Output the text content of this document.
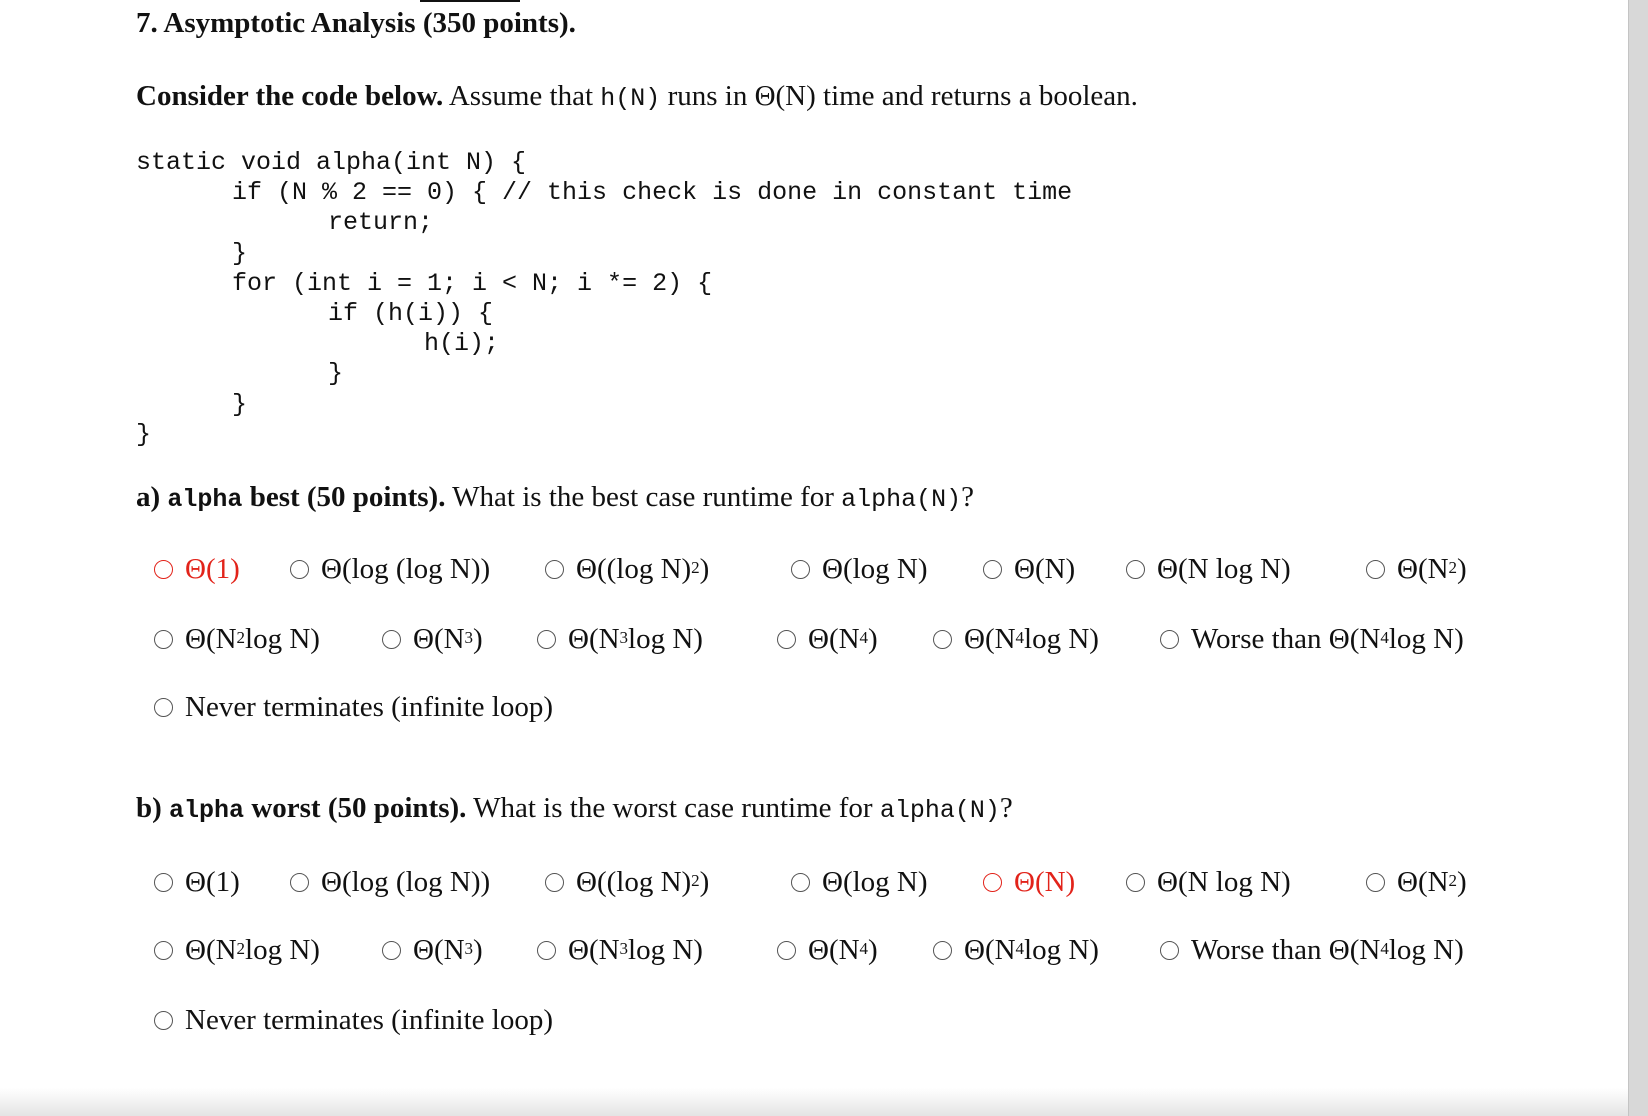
7. Asymptotic Analysis (350 points).
Consider the code below. Assume that h(N) runs in Θ(N) time and returns a boolean.
static void alpha(int N) {
if (N % 2 == 0) { // this check is done in constant time
return;
}
for (int i = 1; i < N; i *= 2) {
if (h(i)) {
h(i);
}
}
}
a) alpha best (50 points). What is the best case runtime for alpha(N)?
Θ(1)	Θ(log (log N))	Θ((log N)$^2$ )	Θ(log N)	Θ(N)	Θ(N log N)	$\Theta(N^2$ )
$\Theta(N^2$ log N)	$\Theta(N^3$ )	$\Theta(N^3$ log N)	$\Theta(N^4$ )	$\Theta(N^4$ log N)	Worse than $\Theta(N^4$ log N)
Never terminates (infinite loop)
b) alpha worst (50 points). What is the worst case runtime for alpha(N)?
Θ(1)	Θ(log (log N))	Θ((log N)$^2$ )	Θ(log N)	Θ(N)	Θ(N log N)	$\Theta(N^2$ )
$\Theta(N^2$ log N)	$\Theta(N^3$ )	$\Theta(N^3$ log N)	$\Theta(N^4$ )	$\Theta(N^4$ log N)	Worse than $\Theta(N^4$ log N)
Never terminates (infinite loop)
